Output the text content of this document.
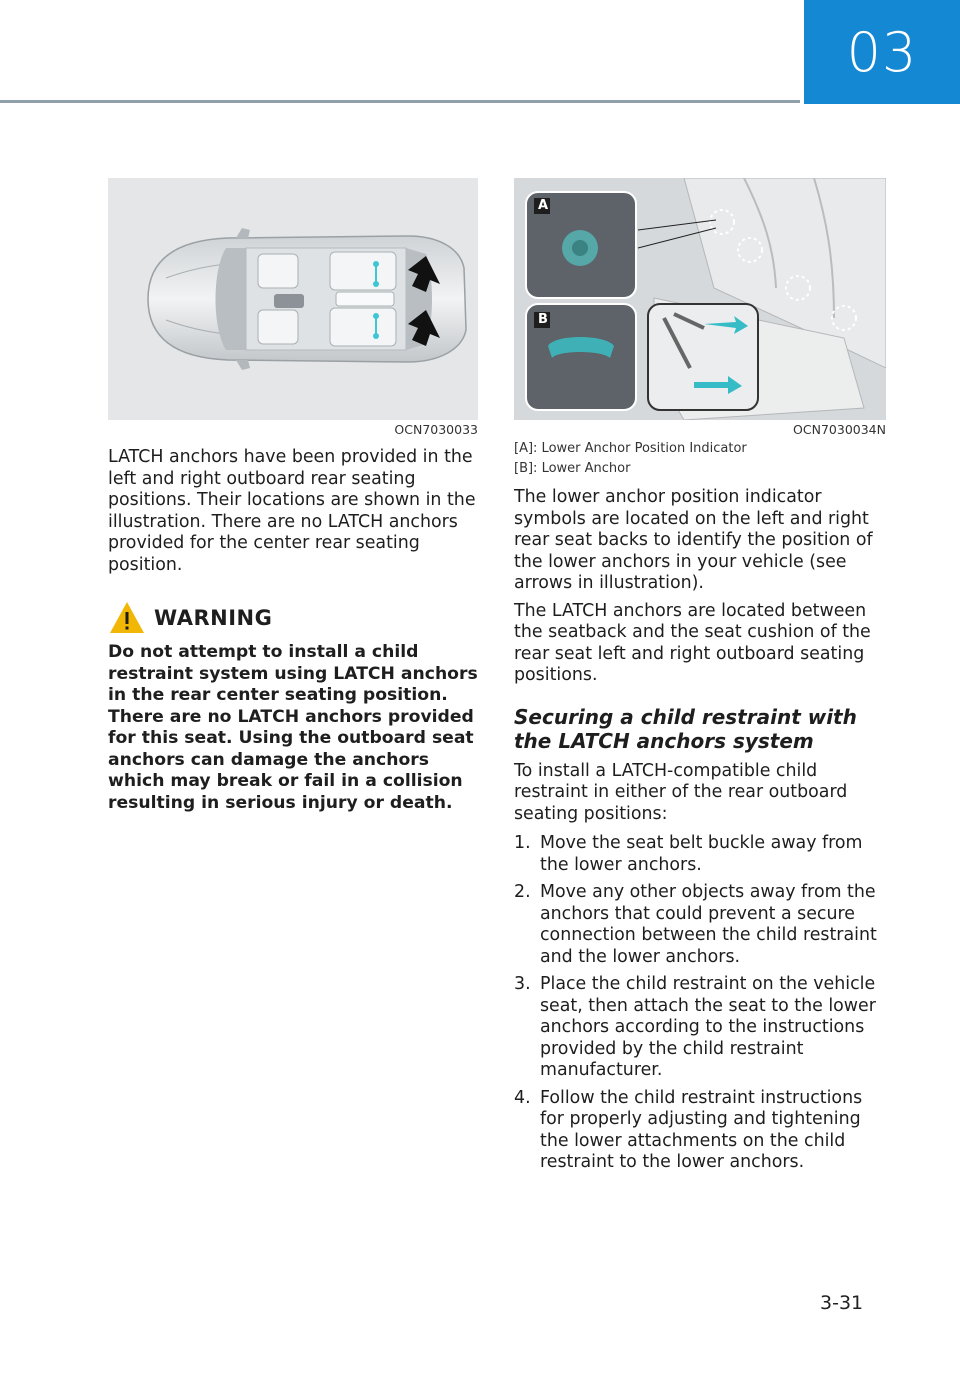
03
OCN7030033

LATCH anchors have been provided in the left and right outboard rear seating positions. Their locations are shown in the illustration. There are no LATCH anchors provided for the center rear seating position.

WARNING
Do not attempt to install a child restraint system using LATCH anchors in the rear center seating position. There are no LATCH anchors provided for this seat. Using the outboard seat anchors can damage the anchors which may break or fail in a collision resulting in serious injury or death.
A
B
OCN7030034N
[A]: Lower Anchor Position Indicator
[B]: Lower Anchor

The lower anchor position indicator symbols are located on the left and right rear seat backs to identify the position of the lower anchors in your vehicle (see arrows in illustration).

The LATCH anchors are located between the seatback and the seat cushion of the rear seat left and right outboard seating positions.

Securing a child restraint with the LATCH anchors system

To install a LATCH-compatible child restraint in either of the rear outboard seating positions:

1. Move the seat belt buckle away from the lower anchors.
2. Move any other objects away from the anchors that could prevent a secure connection between the child restraint and the lower anchors.
3. Place the child restraint on the vehicle seat, then attach the seat to the lower anchors according to the instructions provided by the child restraint manufacturer.
4. Follow the child restraint instructions for properly adjusting and tightening the lower attachments on the child restraint to the lower anchors.
3-31
